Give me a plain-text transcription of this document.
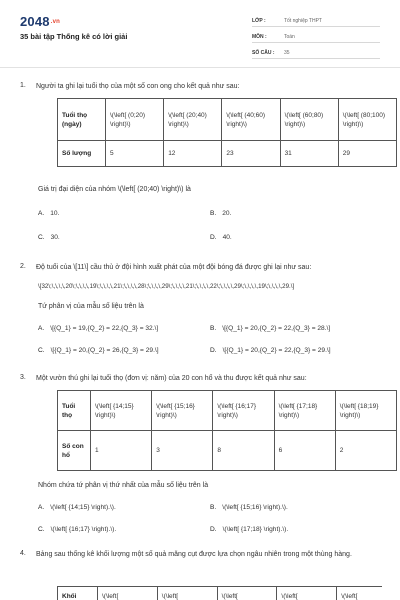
$2048^{.vn}$
35 bài tập Thống kê có lời giải
LỚP :	Tốt nghiệp THPT
MÔN :	Toán
SỐ CÂU :	35
1. Người ta ghi lại tuổi thọ của một số con ong cho kết quả như sau:
Tuổi thọ (ngày)	\(\left[ (0;20) \right)\)	\(\left[ (20;40) \right)\)	\(\left[ (40;60) \right)\)	\(\left[ (60;80) \right)\)	\(\left[ (80;100) \right)\)
Số lượng	5	12	23	31	29
Giá trị đại diện của nhóm \(\left[ (20;40) \right)\) là
A. 10.	B. 20.
C. 30.	D. 40.
2. Độ tuổi của \[11\] cầu thủ ở đội hình xuất phát của một đội bóng đá được ghi lại như sau:
\[32\;\,\,\,\,20\;\,\,\,\,19\;\,\,\,\,21\;\,\,\,\,28\;\,\,\,\,29\;\,\,\,\,21\;\,\,\,\,22\;\,\,\,\,29\;\,\,\,\,19\;\,\,\,\,29.\]
Tứ phân vị của mẫu số liệu trên là
A. \[{Q_1} = 19,{Q_2} = 22,{Q_3} = 32.\]	B. \[{Q_1} = 20,{Q_2} = 22,{Q_3} = 28.\]
C. \[{Q_1} = 20,{Q_2} = 26,{Q_3} = 29.\]	D. \[{Q_1} = 20,{Q_2} = 22,{Q_3} = 29.\]
3. Một vườn thú ghi lại tuổi thọ (đơn vị: năm) của 20 con hổ và thu được kết quả như sau:
Tuổi thọ	\(\left[ {14;15} \right)\)	\(\left[ {15;16} \right)\)	\(\left[ {16;17} \right)\)	\(\left[ {17;18} \right)\)	\(\left[ {18;19} \right)\)
Số con hổ	1	3	8	6	2
Nhóm chứa tứ phân vị thứ nhất của mẫu số liệu trên là
A. \(\left[ {14;15} \right).\).	B. \(\left[ {15;16} \right).\).
C. \(\left[ {16;17} \right).\).	D. \(\left[ {17;18} \right).\).
4. Bảng sau thống kê khối lượng một số quả măng cụt được lựa chọn ngẫu nhiên trong một thùng hàng.
Khối	\(\left[	\(\left[	\(\left[	\(\left[	\(\left[
